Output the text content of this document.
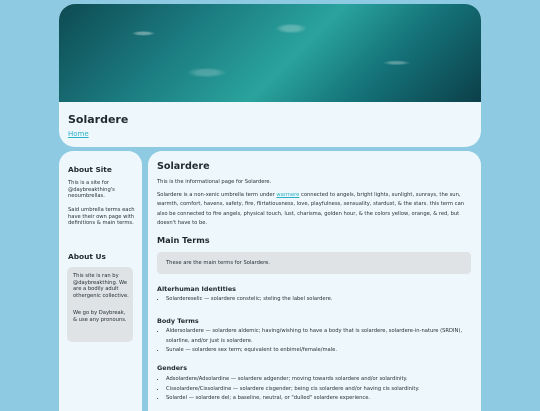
Solardere
Home
About Site

This is a site for @daybreakthing's neoumbrellas.

Said umbrella terms each have their own page with definitions & main terms.

About Us

This site is ran by @daybreakthing. We are a bodily adult othergenic collective.

We go by Daybreak, & use any pronouns.

Solardere

This is the informational page for Solardere.

Solardere is a non-xenic umbrella term under warmere connected to angels, bright lights, sunlight, sunrays, the sun, warmth, comfort, havens, safety, fire, flirtatiousness, love, playfulness, sensuality, stardust, & the stars. this term can also be connected to fire angels, physical touch, lust, charisma, golden hour, & the colors yellow, orange, & red, but doesn't have to be.

Main Terms

These are the main terms for Solardere.

Alterhuman Identities
• Solardereselic — solardere constelic; steling the label solardere.
Body Terms
• Aldersolardere — solardere aldemic; having/wishing to have a body that is solardere, solardere-in-nature (SRDIN), solarline, and/or just is solardere.
• Sunale — solardere sex term; equivalent to enbimel/female/male.
Genders
• Adsolardere/Adsolardine — solardere adgender; moving towards solardere and/or solardinity.
• Cissolardere/Cissolardine — solardere cisgender; being cis solardere and/or having cis solardinity.
• Solardel — solardere del; a baseline, neutral, or "dulled" solardere experience.
